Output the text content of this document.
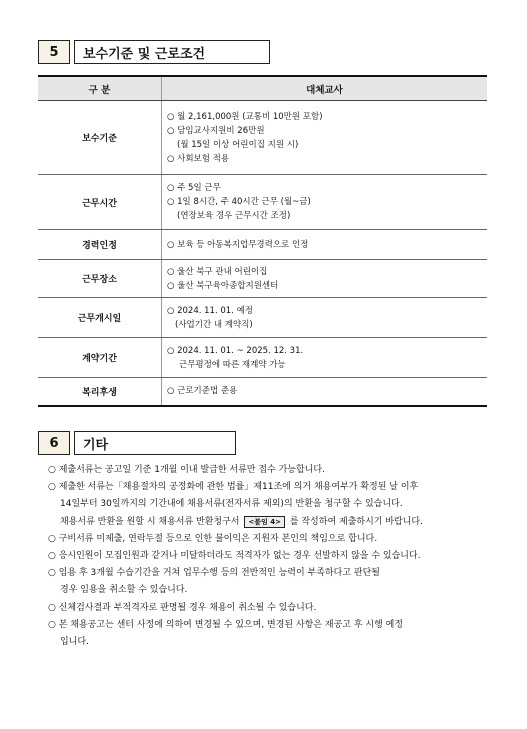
5	보수기준 및 근로조건
구 분	대체교사
보수기준	○ 월 2,161,000원 (교통비 10만원 포함)
○ 담임교사지원비 26만원
(월 15일 이상 어린이집 지원 시)
○ 사회보험 적용

근무시간	○ 주 5일 근무
○ 1일 8시간, 주 40시간 근무 (월~금)
(연장보육 경우 근무시간 조정)

경력인정	○ 보육 등 아동복지업무경력으로 인정

근무장소	○ 울산 북구 관내 어린이집
○ 울산 북구육아종합지원센터

근무개시일	○ 2024. 11. 01. 예정
(사업기간 내 계약직)

계약기간	○ 2024. 11. 01. ~ 2025. 12. 31.
근무평정에 따른 재계약 가능

복리후생	○ 근로기준법 준용
6	기타
○ 제출서류는 공고일 기준 1개월 이내 발급한 서류만 접수 가능합니다.
○ 제출한 서류는「채용절차의 공정화에 관한 법률」제11조에 의거 채용여부가 확정된 날 이후
14일부터 30일까지의 기간내에 채용서류(전자서류 제외)의 반환을 청구할 수 있습니다.
채용서류 반환을 원할 시 채용서류 반환청구서 <붙임 4> 를 작성하여 제출하시기 바랍니다.
○ 구비서류 미제출, 연락두절 등으로 인한 불이익은 지원자 본인의 책임으로 합니다.
○ 응시인원이 모집인원과 같거나 미달하더라도 적격자가 없는 경우 선발하지 않을 수 있습니다.
○ 임용 후 3개월 수습기간을 거쳐 업무수행 등의 전반적인 능력이 부족하다고 판단될
경우 임용을 취소할 수 있습니다.
○ 신체검사결과 부적격자로 판명될 경우 채용이 취소될 수 있습니다.
○ 본 채용공고는 센터 사정에 의하여 변경될 수 있으며, 변경된 사항은 재공고 후 시행 예정
입니다.
